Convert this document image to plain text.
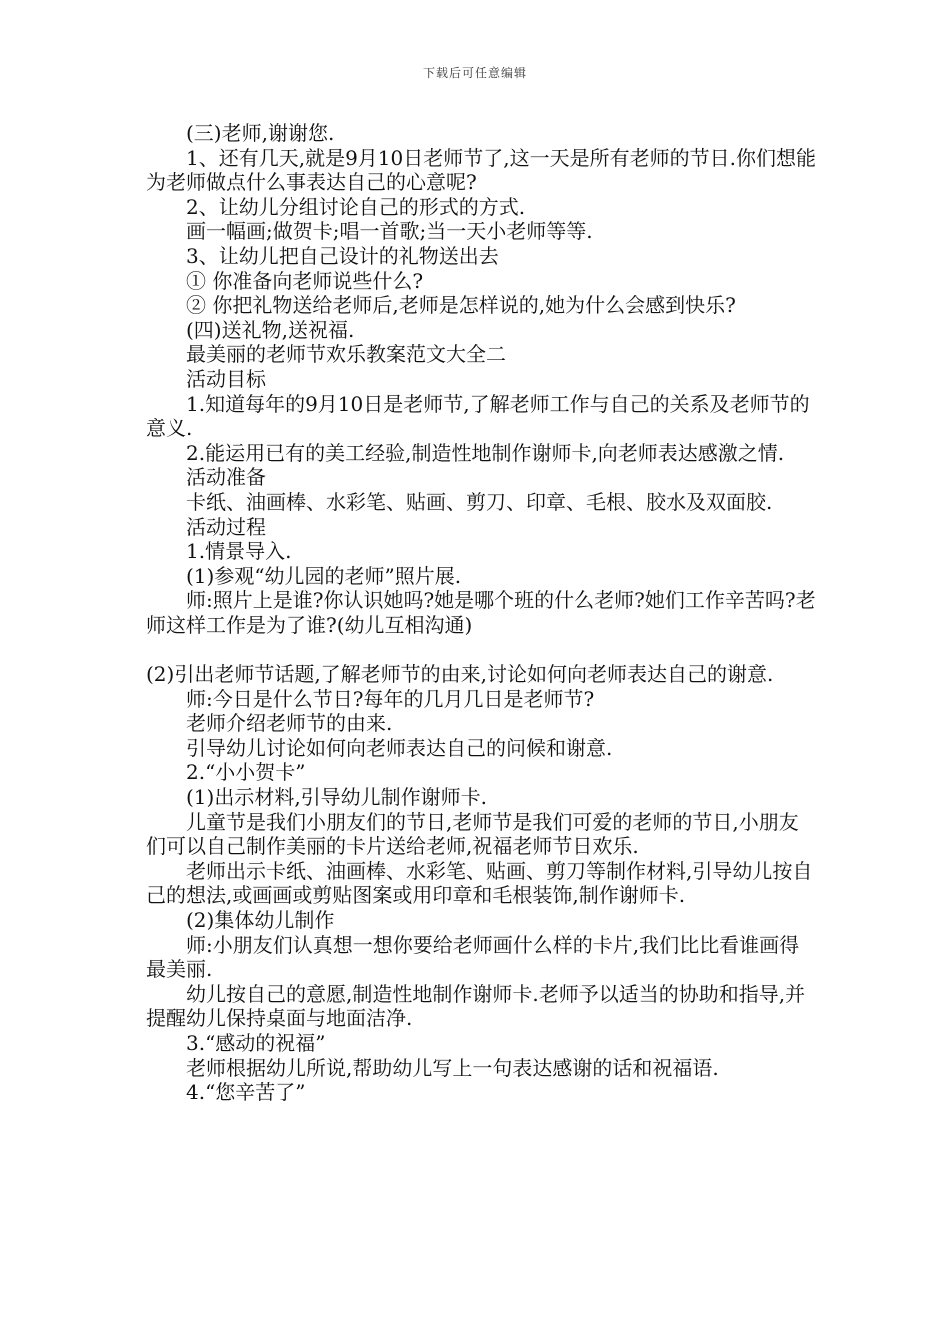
下载后可任意编辑

(三)老师,谢谢您.

1、还有几天,就是9月10日老师节了,这一天是所有老师的节日.你们想能为老师做点什么事表达自己的心意呢?

2、让幼儿分组讨论自己的形式的方式.

画一幅画;做贺卡;唱一首歌;当一天小老师等等.

3、让幼儿把自己设计的礼物送出去

① 你准备向老师说些什么?

② 你把礼物送给老师后,老师是怎样说的,她为什么会感到快乐?

(四)送礼物,送祝福.

最美丽的老师节欢乐教案范文大全二

活动目标

1.知道每年的9月10日是老师节,了解老师工作与自己的关系及老师节的意义.

2.能运用已有的美工经验,制造性地制作谢师卡,向老师表达感激之情.

活动准备

卡纸、油画棒、水彩笔、贴画、剪刀、印章、毛根、胶水及双面胶.

活动过程

1.情景导入.

(1)参观“幼儿园的老师”照片展.

师:照片上是谁?你认识她吗?她是哪个班的什么老师?她们工作辛苦吗?老师这样工作是为了谁?(幼儿互相沟通)

(2)引出老师节话题,了解老师节的由来,讨论如何向老师表达自己的谢意.

师:今日是什么节日?每年的几月几日是老师节?

老师介绍老师节的由来.

引导幼儿讨论如何向老师表达自己的问候和谢意.

2.“小小贺卡”

(1)出示材料,引导幼儿制作谢师卡.

儿童节是我们小朋友们的节日,老师节是我们可爱的老师的节日,小朋友们可以自己制作美丽的卡片送给老师,祝福老师节日欢乐.

老师出示卡纸、油画棒、水彩笔、贴画、剪刀等制作材料,引导幼儿按自己的想法,或画画或剪贴图案或用印章和毛根装饰,制作谢师卡.

(2)集体幼儿制作

师:小朋友们认真想一想你要给老师画什么样的卡片,我们比比看谁画得最美丽.

幼儿按自己的意愿,制造性地制作谢师卡.老师予以适当的协助和指导,并提醒幼儿保持桌面与地面洁净.

3.“感动的祝福”

老师根据幼儿所说,帮助幼儿写上一句表达感谢的话和祝福语.

4.“您辛苦了”
